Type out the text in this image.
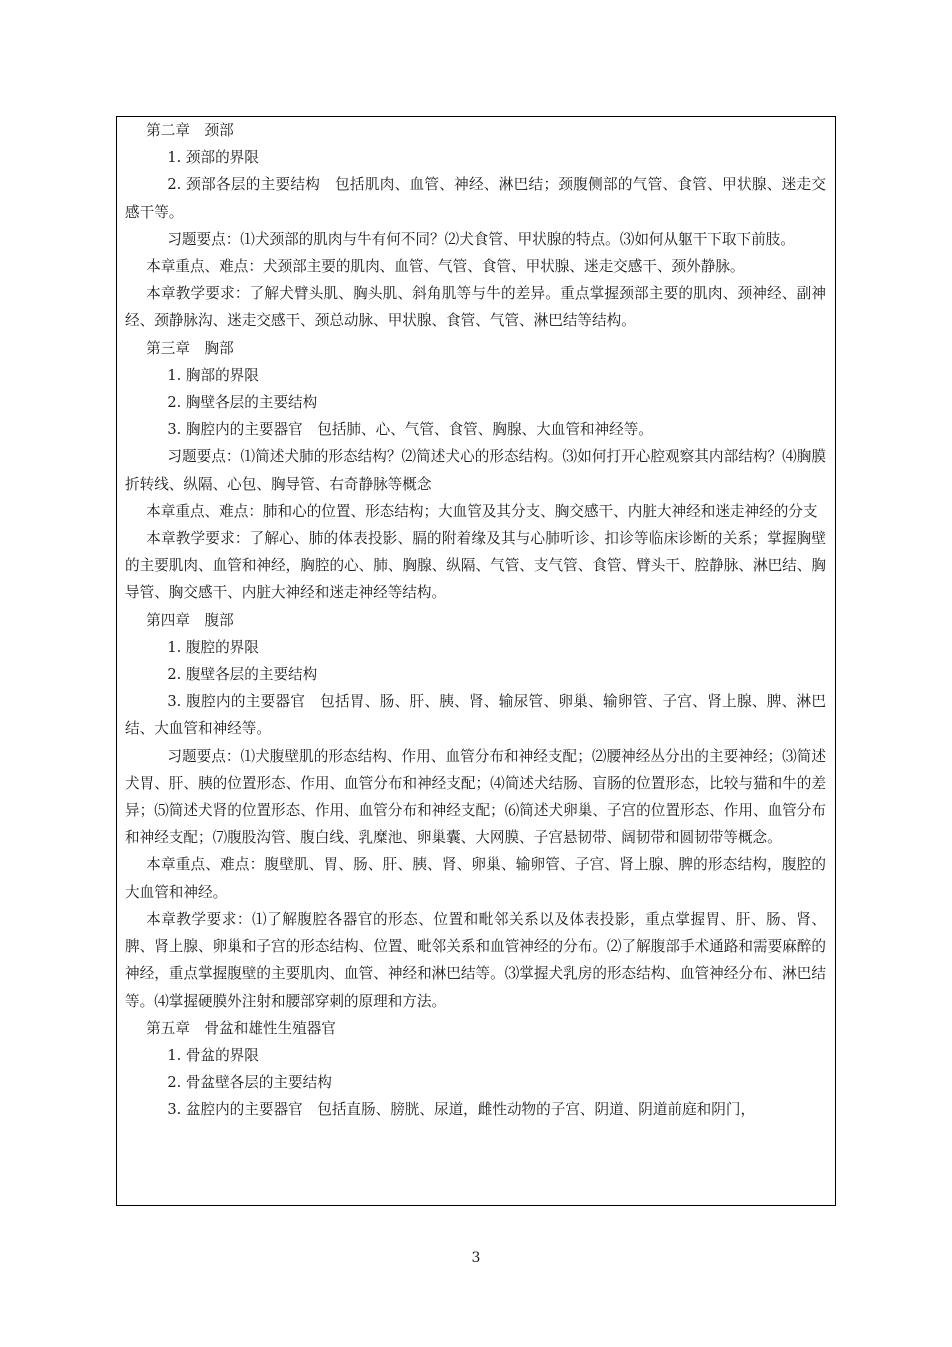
第二章　颈部

1. 颈部的界限

2. 颈部各层的主要结构　包括肌肉、血管、神经、淋巴结；颈腹侧部的气管、食管、甲状腺、迷走交感干等。

习题要点：⑴犬颈部的肌肉与牛有何不同？⑵犬食管、甲状腺的特点。⑶如何从躯干下取下前肢。

本章重点、难点：犬颈部主要的肌肉、血管、气管、食管、甲状腺、迷走交感干、颈外静脉。

本章教学要求：了解犬臂头肌、胸头肌、斜角肌等与牛的差异。重点掌握颈部主要的肌肉、颈神经、副神经、颈静脉沟、迷走交感干、颈总动脉、甲状腺、食管、气管、淋巴结等结构。

第三章　胸部

1. 胸部的界限

2. 胸壁各层的主要结构

3. 胸腔内的主要器官　包括肺、心、气管、食管、胸腺、大血管和神经等。

习题要点：⑴简述犬肺的形态结构？⑵简述犬心的形态结构。⑶如何打开心腔观察其内部结构？⑷胸膜折转线、纵隔、心包、胸导管、右奇静脉等概念

本章重点、难点：肺和心的位置、形态结构；大血管及其分支、胸交感干、内脏大神经和迷走神经的分支

本章教学要求：了解心、肺的体表投影、膈的附着缘及其与心肺听诊、扣诊等临床诊断的关系；掌握胸壁的主要肌肉、血管和神经，胸腔的心、肺、胸腺、纵隔、气管、支气管、食管、臂头干、腔静脉、淋巴结、胸导管、胸交感干、内脏大神经和迷走神经等结构。

第四章　腹部

1. 腹腔的界限

2. 腹壁各层的主要结构

3. 腹腔内的主要器官　包括胃、肠、肝、胰、肾、输尿管、卵巢、输卵管、子宫、肾上腺、脾、淋巴结、大血管和神经等。

习题要点：⑴犬腹壁肌的形态结构、作用、血管分布和神经支配；⑵腰神经丛分出的主要神经；⑶简述犬胃、肝、胰的位置形态、作用、血管分布和神经支配；⑷简述犬结肠、盲肠的位置形态，比较与猫和牛的差异；⑸简述犬肾的位置形态、作用、血管分布和神经支配；⑹简述犬卵巢、子宫的位置形态、作用、血管分布和神经支配；⑺腹股沟管、腹白线、乳糜池、卵巢囊、大网膜、子宫悬韧带、阔韧带和圆韧带等概念。

本章重点、难点：腹壁肌、胃、肠、肝、胰、肾、卵巢、输卵管、子宫、肾上腺、脾的形态结构，腹腔的大血管和神经。

本章教学要求：⑴了解腹腔各器官的形态、位置和毗邻关系以及体表投影，重点掌握胃、肝、肠、肾、脾、肾上腺、卵巢和子宫的形态结构、位置、毗邻关系和血管神经的分布。⑵了解腹部手术通路和需要麻醉的神经，重点掌握腹壁的主要肌肉、血管、神经和淋巴结等。⑶掌握犬乳房的形态结构、血管神经分布、淋巴结等。⑷掌握硬膜外注射和腰部穿刺的原理和方法。

第五章　骨盆和雄性生殖器官

1. 骨盆的界限

2. 骨盆壁各层的主要结构

3. 盆腔内的主要器官　包括直肠、膀胱、尿道，雌性动物的子宫、阴道、阴道前庭和阴门，

3
